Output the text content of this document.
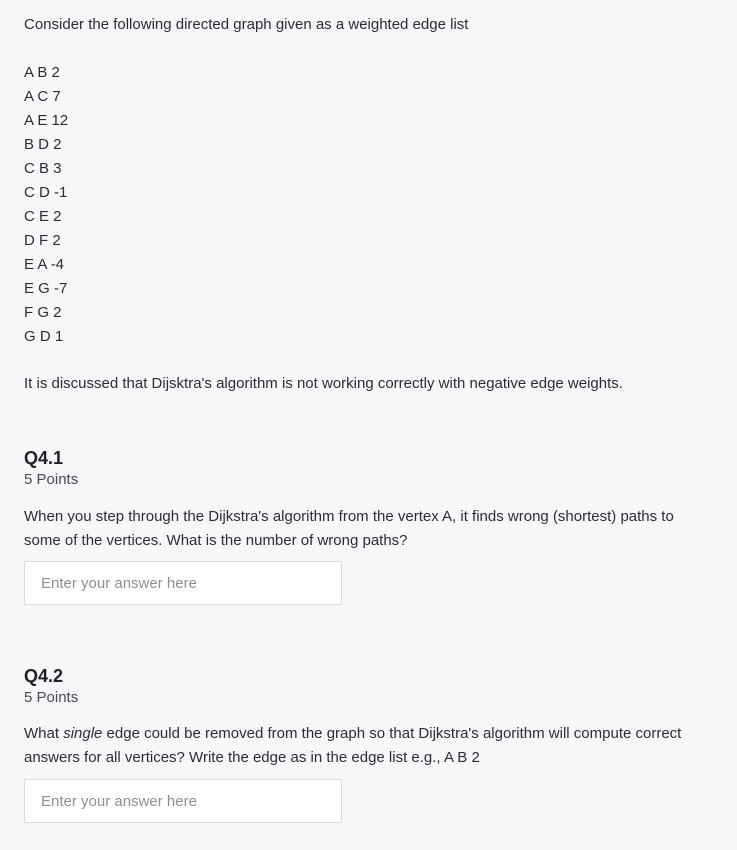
Consider the following directed graph given as a weighted edge list
A B 2
A C 7
A E 12
B D 2
C B 3
C D -1
C E 2
D F 2
E A -4
E G -7
F G 2
G D 1
It is discussed that Dijsktra's algorithm is not working correctly with negative edge weights.
Q4.1
5 Points
When you step through the Dijkstra's algorithm from the vertex A, it finds wrong (shortest) paths to some of the vertices. What is the number of wrong paths?
Enter your answer here
Q4.2
5 Points
What single edge could be removed from the graph so that Dijkstra's algorithm will compute correct answers for all vertices? Write the edge as in the edge list e.g., A B 2
Enter your answer here
